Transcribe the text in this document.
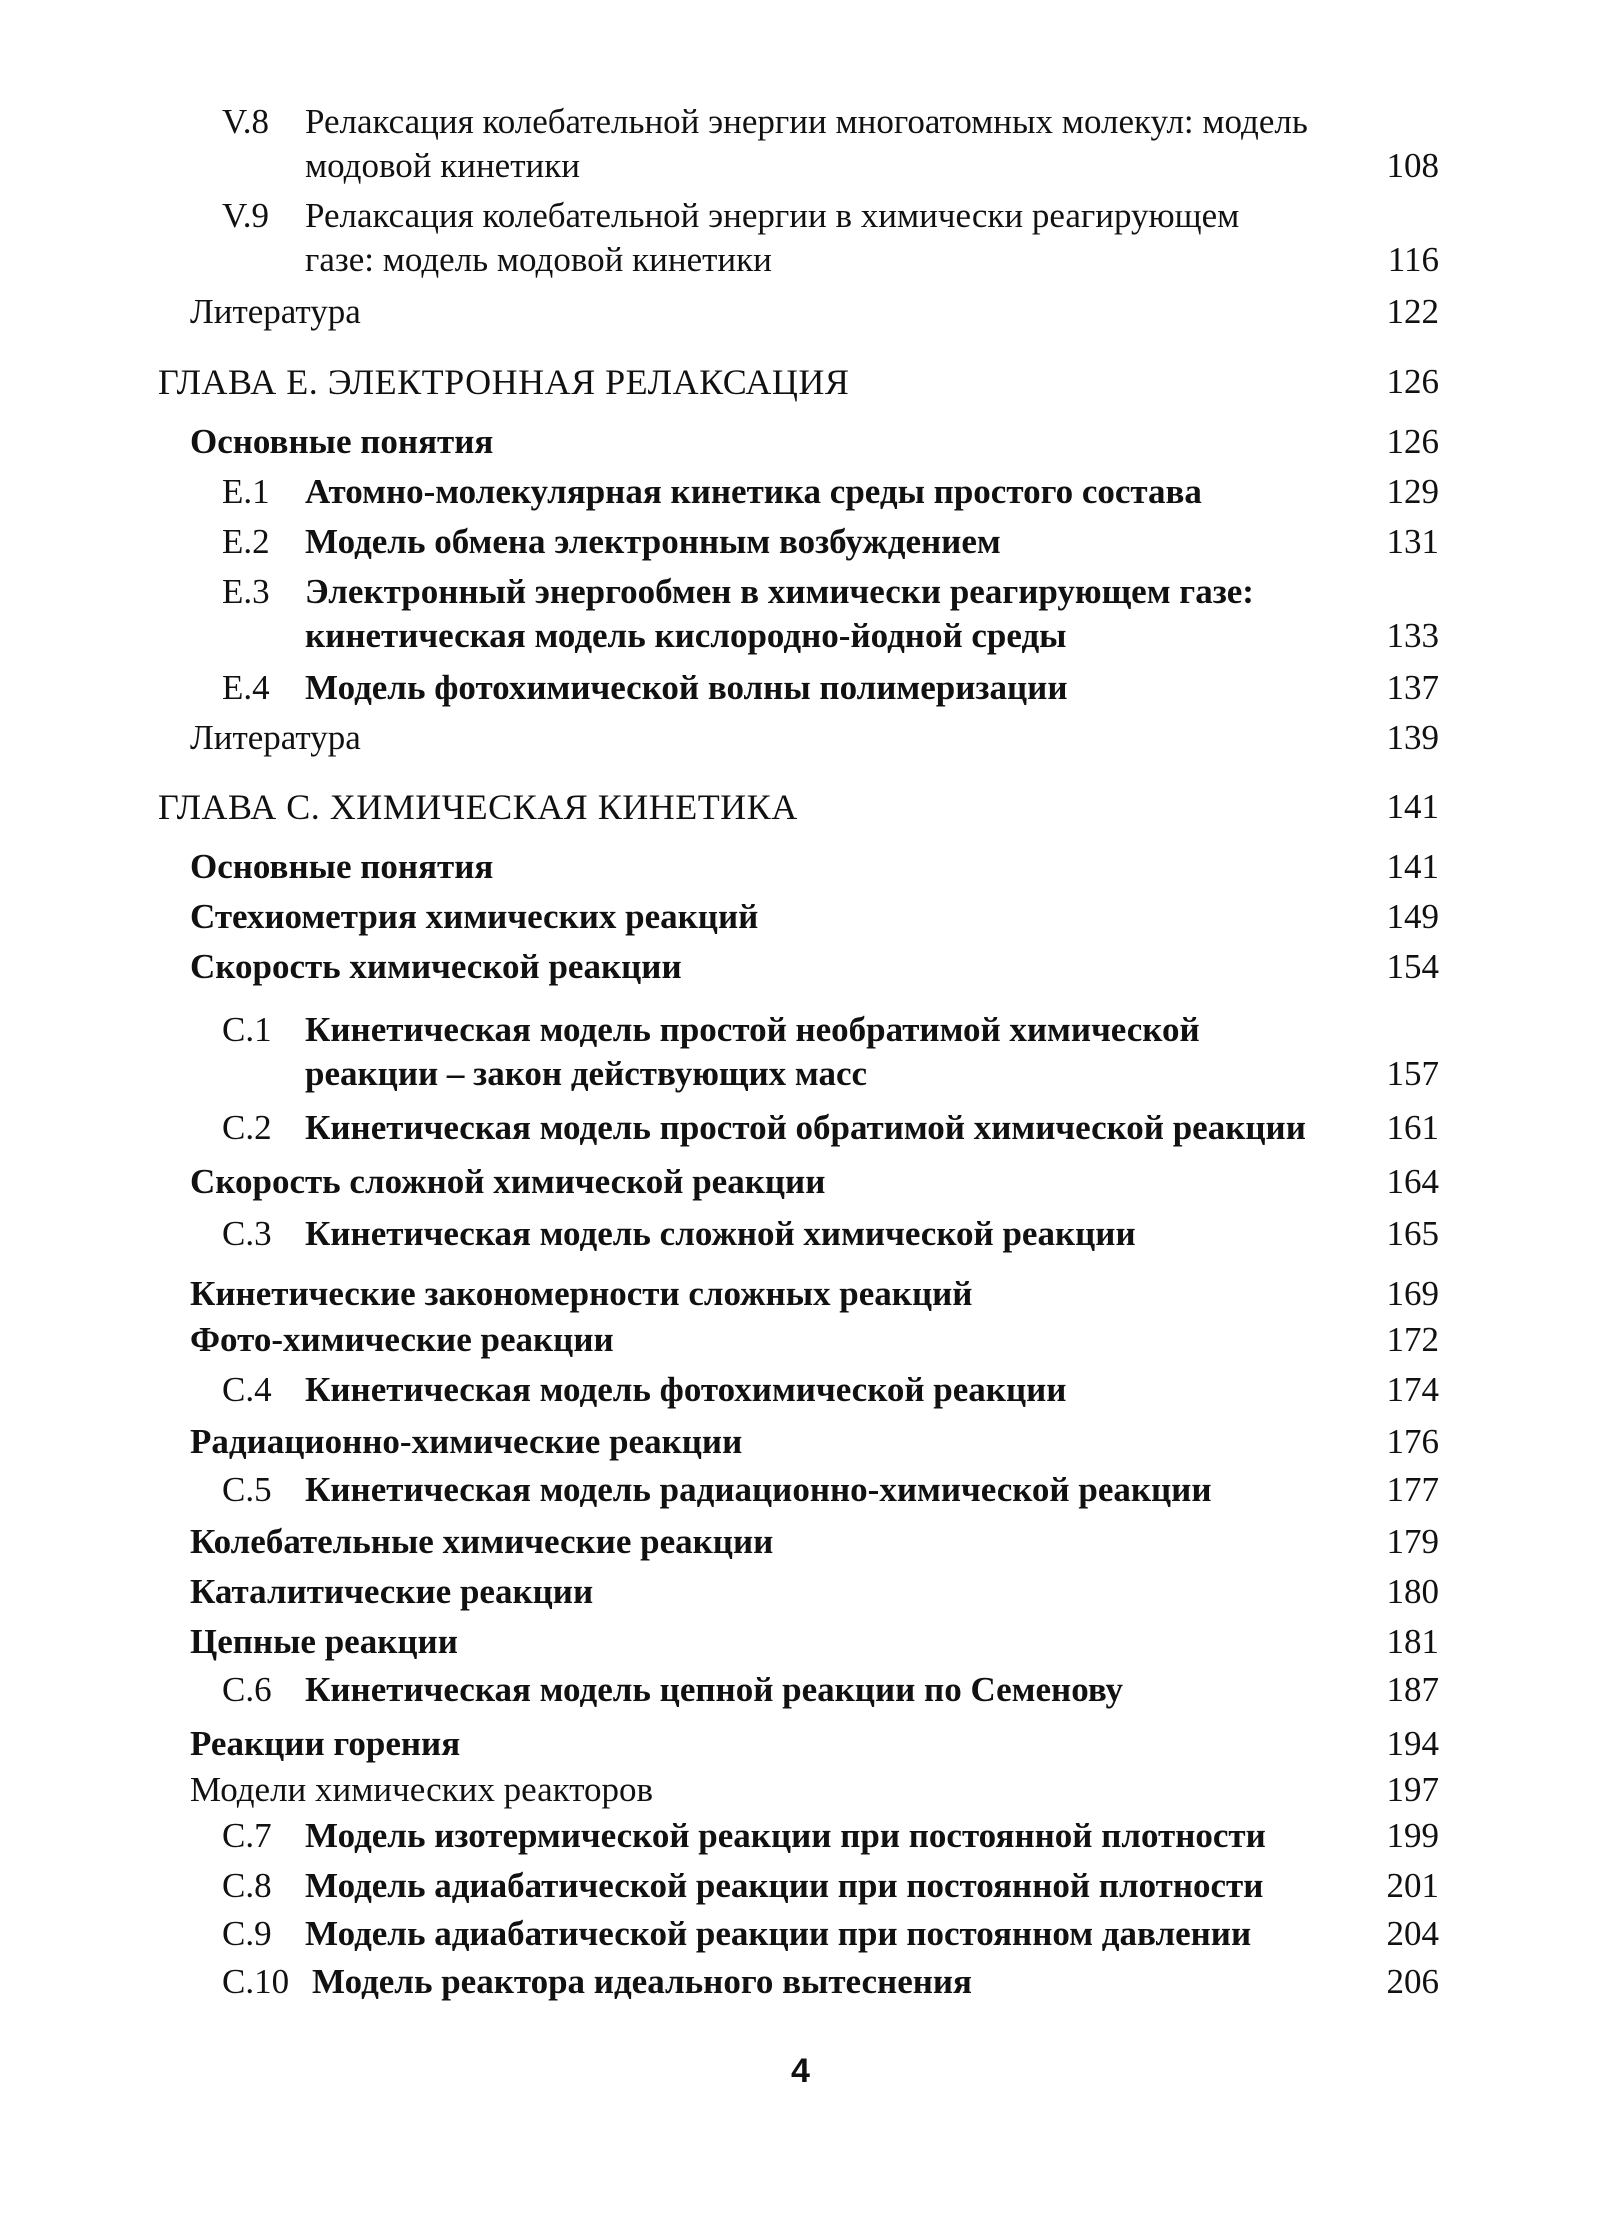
V.8 Релаксация колебательной энергии многоатомных молекул: модель модовой кинетики	108
V.9 Релаксация колебательной энергии в химически реагирующем газе: модель модовой кинетики	116
Литература	122
ГЛАВА Е. ЭЛЕКТРОННАЯ РЕЛАКСАЦИЯ	126
Основные понятия	126
E.1 Атомно-молекулярная кинетика среды простого состава	129
E.2 Модель обмена электронным возбуждением	131
E.3 Электронный энергообмен в химически реагирующем газе: кинетическая модель кислородно-йодной среды	133
E.4 Модель фотохимической волны полимеризации	137
Литература	139
ГЛАВА С. ХИМИЧЕСКАЯ КИНЕТИКА	141
Основные понятия	141
Стехиометрия химических реакций	149
Скорость химической реакции	154
C.1 Кинетическая модель простой необратимой химической реакции – закон действующих масс	157
C.2 Кинетическая модель простой обратимой химической реакции 161
Скорость сложной химической реакции	164
C.3 Кинетическая модель сложной химической реакции	165
Кинетические закономерности сложных реакций	169
Фото-химические реакции	172
C.4 Кинетическая модель фотохимической реакции	174
Радиационно-химические реакции	176
C.5 Кинетическая модель радиационно-химической реакции	177
Колебательные химические реакции	179
Каталитические реакции	180
Цепные реакции	181
C.6 Кинетическая модель цепной реакции по Семенову	187
Реакции горения	194
Модели химических реакторов	197
C.7 Модель изотермической реакции при постоянной плотности	199
C.8 Модель адиабатической реакции при постоянной плотности	201
C.9 Модель адиабатической реакции при постоянном давлении	204
C.10 Модель реактора идеального вытеснения	206
4
